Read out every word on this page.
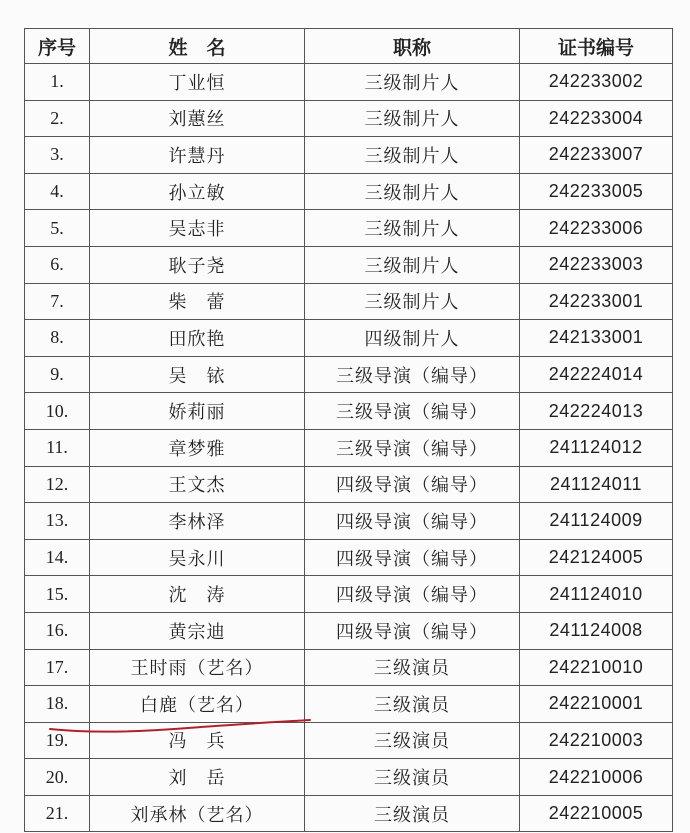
序号	姓　名	职称	证书编号
1.	丁业恒	三级制片人	242233002
2.	刘蕙丝	三级制片人	242233004
3.	许慧丹	三级制片人	242233007
4.	孙立敏	三级制片人	242233005
5.	吴志非	三级制片人	242233006
6.	耿子尧	三级制片人	242233003
7.	柴　蕾	三级制片人	242233001
8.	田欣艳	四级制片人	242133001
9.	吴　铱	三级导演（编导）	242224014
10.	娇莉丽	三级导演（编导）	242224013
11.	章梦雅	三级导演（编导）	241124012
12.	王文杰	四级导演（编导）	241124011
13.	李林泽	四级导演（编导）	241124009
14.	吴永川	四级导演（编导）	242124005
15.	沈　涛	四级导演（编导）	241124010
16.	黄宗迪	四级导演（编导）	241124008
17.	王时雨（艺名）	三级演员	242210010
18.	白鹿（艺名）	三级演员	242210001
19.	冯　兵	三级演员	242210003
20.	刘　岳	三级演员	242210006
21.	刘承林（艺名）	三级演员	242210005
